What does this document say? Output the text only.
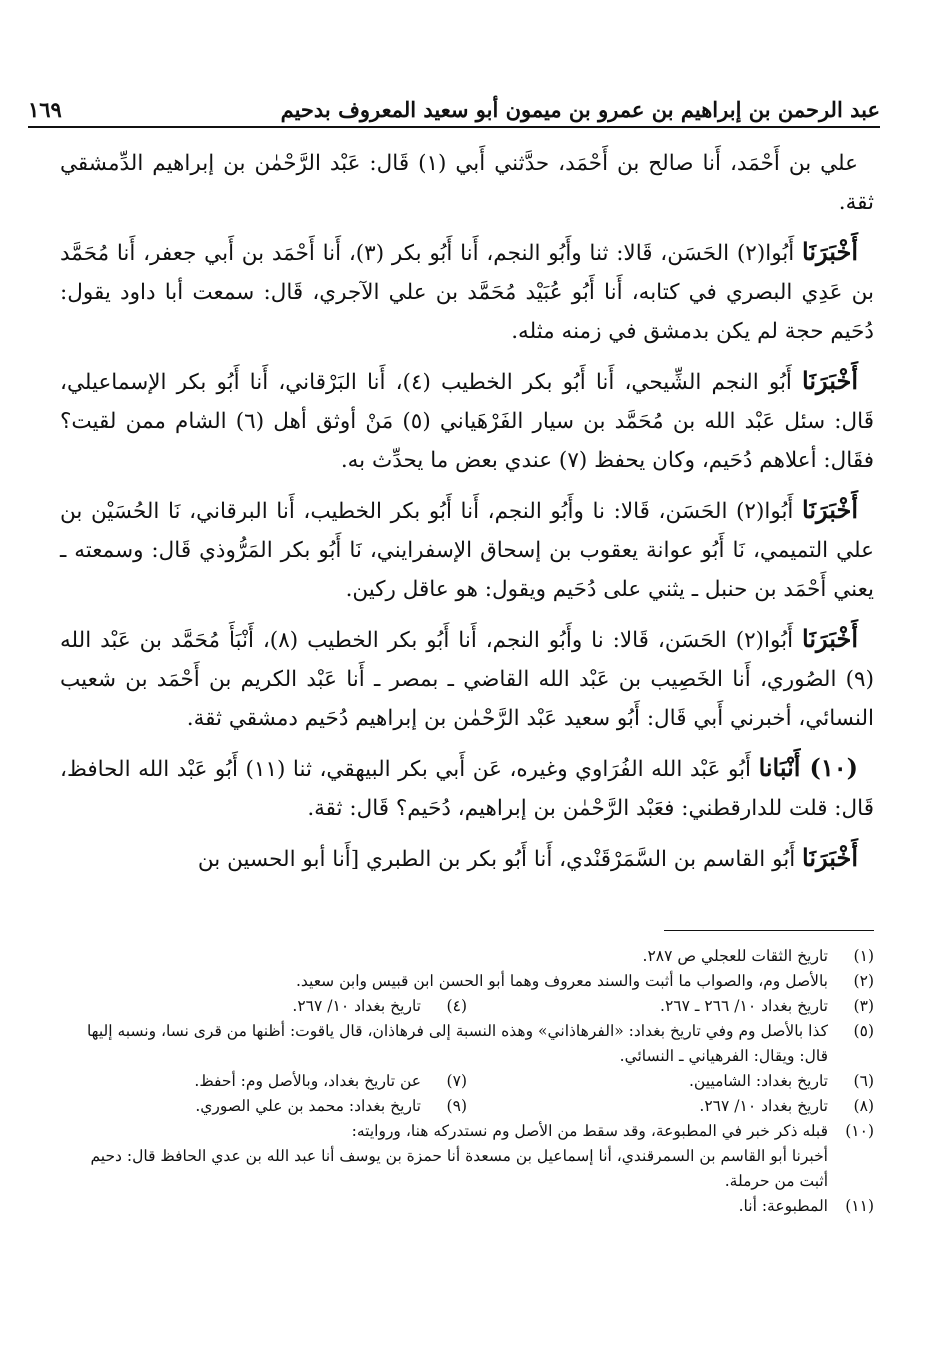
عبد الرحمن بن إبراهيم بن عمرو بن ميمون أبو سعيد المعروف بدحيم
١٦٩

علي بن أَحْمَد، أَنا صالح بن أَحْمَد، حدَّثني أَبي (١) قَال: عَبْد الرَّحْمٰن بن إبراهيم الدِّمشقي ثقة.

أَخْبَرَنَا أَبُوا(٢) الحَسَن، قَالا: ثنا وأَبُو النجم، أَنا أَبُو بكر (٣)، أَنا أَحْمَد بن أَبي جعفر، أَنا مُحَمَّد بن عَدِي البصري في كتابه، أَنا أَبُو عُبَيْد مُحَمَّد بن علي الآجري، قَال: سمعت أبا داود يقول: دُحَيم حجة لم يكن بدمشق في زمنه مثله.

أَخْبَرَنَا أَبُو النجم الشِّيحي، أَنا أَبُو بكر الخطيب (٤)، أَنا البَرْقاني، أَنا أَبُو بكر الإسماعيلي، قَال: سئل عَبْد الله بن مُحَمَّد بن سيار الفَرْهَياني (٥) مَنْ أوثق أهل (٦) الشام ممن لقيت؟ فقَال: أعلاهم دُحَيم، وكان يحفظ (٧) عندي بعض ما يحدِّث به.

أَخْبَرَنَا أَبُوا(٢) الحَسَن، قَالا: نا وأَبُو النجم، أَنا أَبُو بكر الخطيب، أَنا البرقاني، نَا الحُسَيْن بن علي التميمي، نَا أَبُو عوانة يعقوب بن إسحاق الإسفرايني، نَا أَبُو بكر المَرُّوذي قَال: وسمعته ـ يعني أَحْمَد بن حنبل ـ يثني على دُحَيم ويقول: هو عاقل ركين.

أَخْبَرَنَا أَبُوا(٢) الحَسَن، قَالا: نا وأَبُو النجم، أَنا أَبُو بكر الخطيب (٨)، أَنْبَأَ مُحَمَّد بن عَبْد الله (٩) الصُوري، أَنا الخَصِيب بن عَبْد الله القاضي ـ بمصر ـ أَنا عَبْد الكريم بن أَحْمَد بن شعيب النسائي، أخبرني أَبي قَال: أَبُو سعيد عَبْد الرَّحْمٰن بن إبراهيم دُحَيم دمشقي ثقة.

(١٠) أَنْبَانا أَبُو عَبْد الله الفُرَاوي وغيره، عَن أَبي بكر البيهقي، ثنا (١١) أَبُو عَبْد الله الحافظ، قَال: قلت للدارقطني: فعَبْد الرَّحْمٰن بن إبراهيم، دُحَيم؟ قَال: ثقة.

أَخْبَرَنَا أَبُو القاسم بن السَّمَرْقَنْدي، أَنا أَبُو بكر بن الطبري [أَنا أبو الحسين بن

(١)
تاريخ الثقات للعجلي ص ٢٨٧.
(٢)
بالأصل وم، والصواب ما أثبت والسند معروف وهما أبو الحسن ابن قبيس وابن سعيد.
(٣)
تاريخ بغداد ١٠/ ٢٦٦ ـ ٢٦٧.
(٤)
تاريخ بغداد ١٠/ ٢٦٧.
(٥)
كذا بالأصل وم وفي تاريخ بغداد: «الفرهاذاني» وهذه النسبة إلى فرهاذان، قال ياقوت: أظنها من قرى نسا، ونسبه إليها قال: ويقال: الفرهياني ـ النسائي.
(٦)
تاريخ بغداد: الشاميين.
(٧)
عن تاريخ بغداد، وبالأصل وم: أحفظ.
(٨)
تاريخ بغداد ١٠/ ٢٦٧.
(٩)
تاريخ بغداد: محمد بن علي الصوري.
(١٠)
قبله ذكر خبر في المطبوعة، وقد سقط من الأصل وم نستدركه هنا، وروايته:
أخبرنا أبو القاسم بن السمرقندي، أنا إسماعيل بن مسعدة أنا حمزة بن يوسف أنا عبد الله بن عدي الحافظ قال: دحيم أثبت من حرملة.
(١١)
المطبوعة: أنا.
